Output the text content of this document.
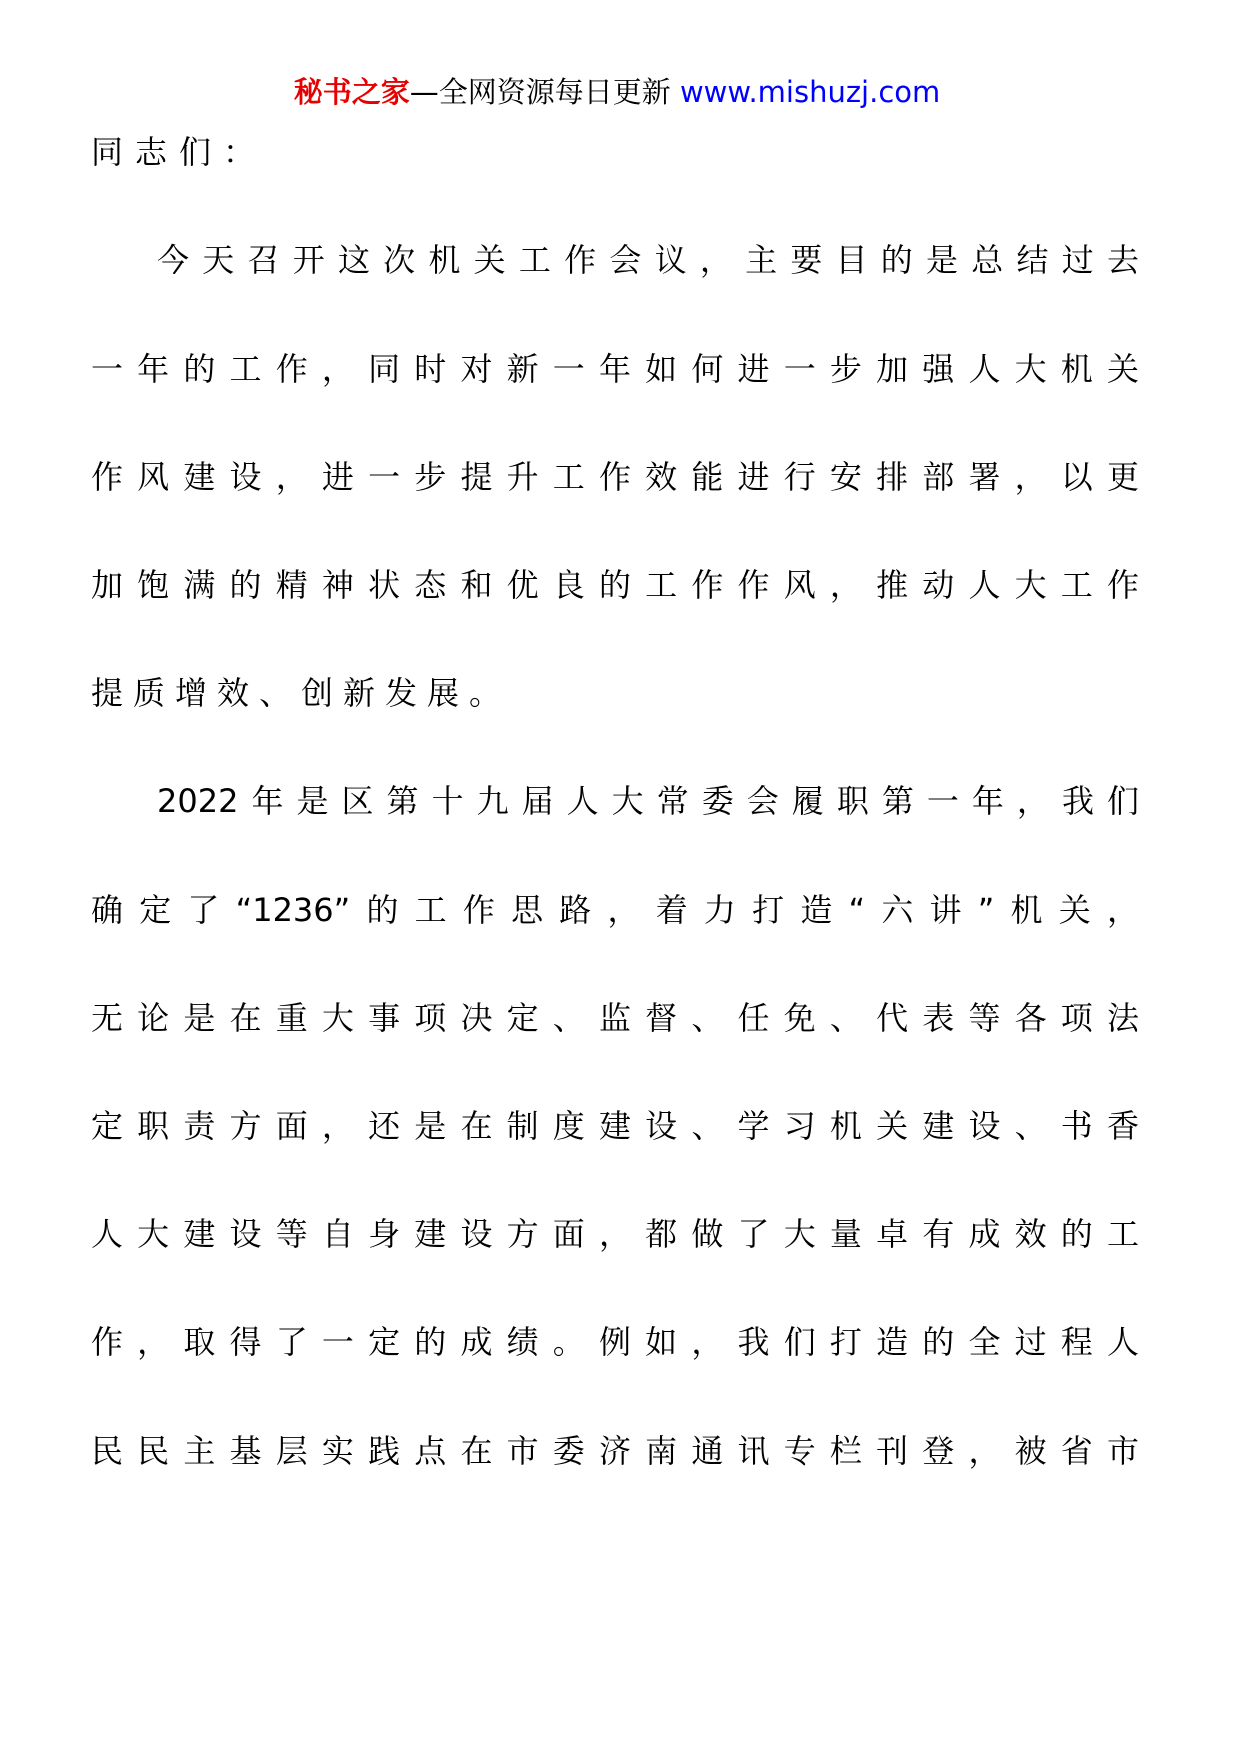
秘书之家—全网资源每日更新 www.mishuzj.com
同志们：
今天召开这次机关工作会议，主要目的是总结过去
一年的工作，同时对新一年如何进一步加强人大机关
作风建设，进一步提升工作效能进行安排部署，以更
加饱满的精神状态和优良的工作作风，推动人大工作
提质增效、创新发展。
2022年是区第十九届人大常委会履职第一年，我们
确定了“1236”的工作思路，着力打造“六讲”机关，
无论是在重大事项决定、监督、任免、代表等各项法
定职责方面，还是在制度建设、学习机关建设、书香
人大建设等自身建设方面，都做了大量卓有成效的工
作，取得了一定的成绩。例如，我们打造的全过程人
民民主基层实践点在市委济南通讯专栏刊登，被省市
